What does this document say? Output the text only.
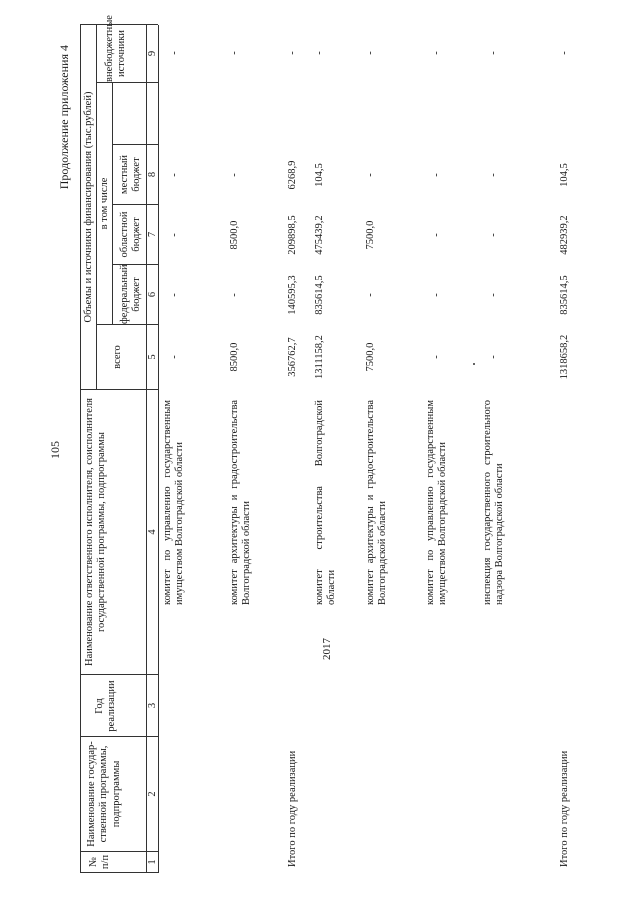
105
Продолжение приложения 4
№ п/п
Наименование государ-ственной программы, подпрограммы
Год реализации
Наименование ответственного исполнителя, соисполнителя государственной программы, подпрограммы
Объемы и источники финансирования (тыс.рублей)
всего
в том числе
федеральный бюджет
областной бюджет
местный бюджет
внебюджетные источники
1
2
3
4
5
6
7
8
9
комитет по управлению государственным имуществом Волгоградской области
-
-
-
-
-
комитет архитектуры и градостроительства Волгоградской области
8500,0
-
8500,0
-
-
Итого по году реализации
356762,7
140595,3
209898,5
6268,9
-
2017
комитет строительства Волгоградской области
1311158,2
835614,5
475439,2
104,5
-
комитет архитектуры и градостроительства Волгоградской области
7500,0
-
7500,0
-
-
комитет по управлению государственным имуществом Волгоградской области
-
-
-
-
-
инспекция государственного строительного надзора Волгоградской области
-
-
-
-
-
Итого по году реализации
1318658,2
835614,5
482939,2
104,5
-
